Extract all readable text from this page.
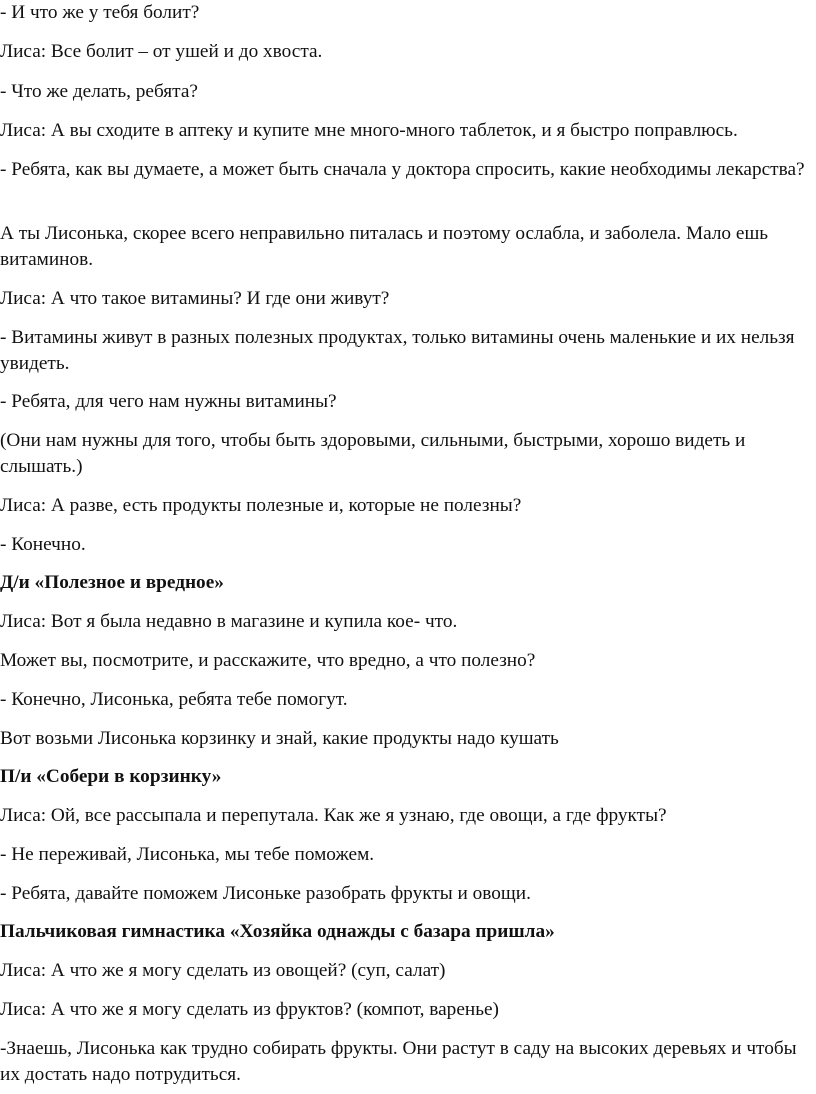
- И что же у тебя болит?

Лиса: Все болит – от ушей и до хвоста.

- Что же делать, ребята?

Лиса: А вы сходите в аптеку и купите мне много-много таблеток, и я быстро поправлюсь.

- Ребята, как вы думаете, а может быть сначала у доктора спросить, какие необходимы лекарства?

А ты Лисонька, скорее всего неправильно питалась и поэтому ослабла, и заболела. Мало ешь витаминов.

Лиса: А что такое витамины? И где они живут?

- Витамины живут в разных полезных продуктах, только витамины очень маленькие и их нельзя увидеть.

- Ребята, для чего нам нужны витамины?

(Они нам нужны для того, чтобы быть здоровыми, сильными, быстрыми, хорошо видеть и слышать.)

Лиса: А разве, есть продукты полезные и, которые не полезны?

- Конечно.

Д/и «Полезное и вредное»

Лиса: Вот я была недавно в магазине и купила кое- что.

Может вы, посмотрите, и расскажите, что вредно, а что полезно?

- Конечно, Лисонька, ребята тебе помогут.

Вот возьми Лисонька корзинку и знай, какие продукты надо кушать

П/и «Собери в корзинку»

Лиса: Ой, все рассыпала и перепутала. Как же я узнаю, где овощи, а где фрукты?

- Не переживай, Лисонька, мы тебе поможем.

- Ребята, давайте поможем Лисоньке разобрать фрукты и овощи.

Пальчиковая гимнастика «Хозяйка однажды с базара пришла»

Лиса: А что же я могу сделать из овощей? (суп, салат)

Лиса: А что же я могу сделать из фруктов? (компот, варенье)

-Знаешь, Лисонька как трудно собирать фрукты. Они растут в саду на высоких деревьях и чтобы их достать надо потрудиться.
